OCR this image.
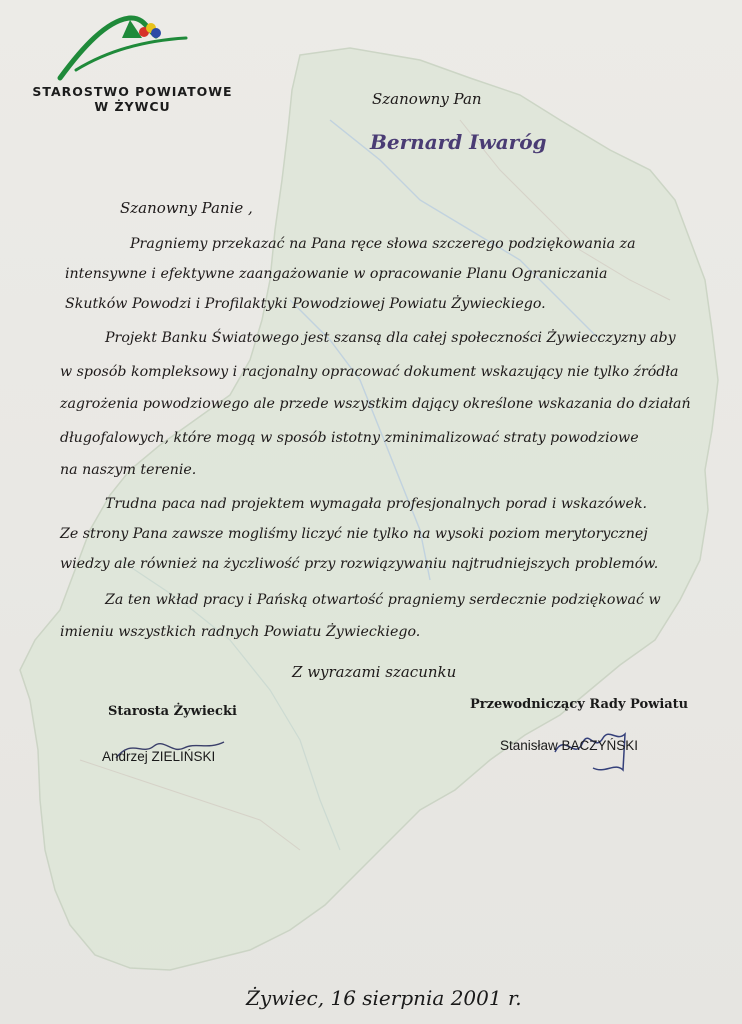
STAROSTWO POWIATOWE
W ŻYWCU	Szanowny Pan
Bernard Iwaróg
Szanowny Panie ,
Pragniemy przekazać na Pana ręce słowa szczerego podziękowania za
intensywne i efektywne zaangażowanie w opracowanie Planu Ograniczania
Skutków Powodzi i Profilaktyki Powodziowej Powiatu Żywieckiego.
Projekt Banku Światowego jest szansą dla całej społeczności Żywiecczyzny aby
w sposób kompleksowy i racjonalny opracować dokument wskazujący nie tylko źródła
zagrożenia powodziowego ale przede wszystkim dający określone wskazania do działań
długofalowych, które mogą w sposób istotny zminimalizować straty powodziowe
na naszym terenie.
Trudna paca nad projektem wymagała profesjonalnych porad i wskazówek.
Ze strony Pana zawsze mogliśmy liczyć nie tylko na wysoki poziom merytorycznej
wiedzy ale również na życzliwość przy rozwiązywaniu najtrudniejszych problemów.
Za ten wkład pracy i Pańską otwartość pragniemy serdecznie podziękować w
imieniu wszystkich radnych Powiatu Żywieckiego.
Z wyrazami szacunku
Starosta Żywiecki
Andrzej ZIELIŃSKI
Przewodniczący Rady Powiatu
Stanisław BACZYŃSKI
Żywiec, 16 sierpnia 2001 r.
